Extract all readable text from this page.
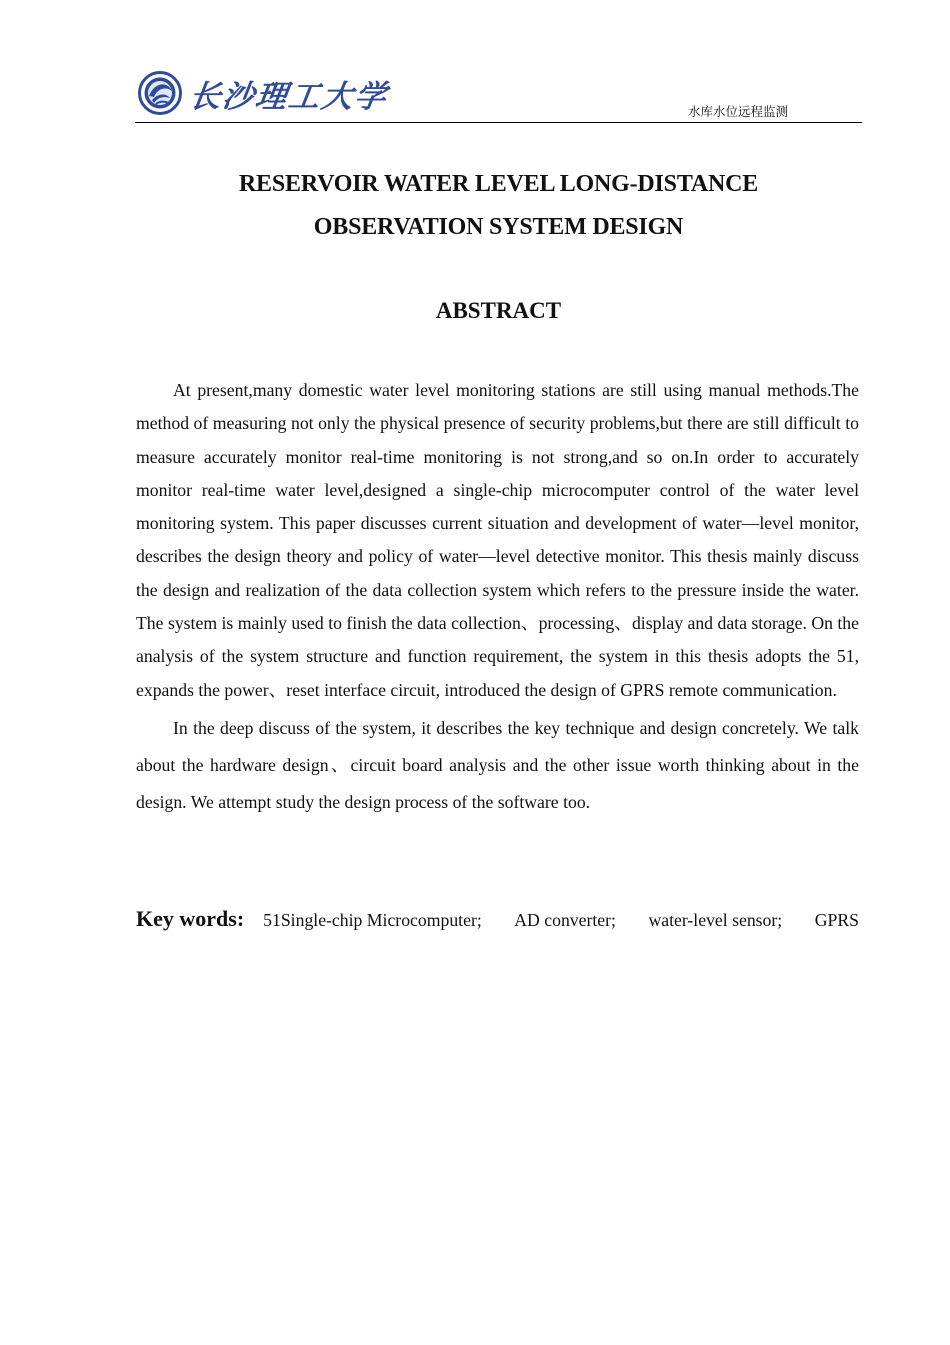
长沙理工大学	水库水位远程监测
RESERVOIR WATER LEVEL LONG-DISTANCE
OBSERVATION SYSTEM DESIGN
ABSTRACT

At present,many domestic water level monitoring stations are still using manual methods.The method of measuring not only the physical presence of security problems,but there are still difficult to measure accurately monitor real-time monitoring is not strong,and so on.In order to accurately monitor real-time water level,designed a single-chip microcomputer control of the water level monitoring system. This paper discusses current situation and development of water—level monitor, describes the design theory and policy of water—level detective monitor. This thesis mainly discuss the design and realization of the data collection system which refers to the pressure inside the water. The system is mainly used to finish the data collection、processing、display and data storage. On the analysis of the system structure and function requirement, the system in this thesis adopts the 51, expands the power、reset interface circuit, introduced the design of GPRS remote communication.

In the deep discuss of the system, it describes the key technique and design concretely. We talk about the hardware design、circuit board analysis and the other issue worth thinking about in the design. We attempt study the design process of the software too.

Key words: 51Single-chip Microcomputer; AD converter; water-level sensor; GPRS
